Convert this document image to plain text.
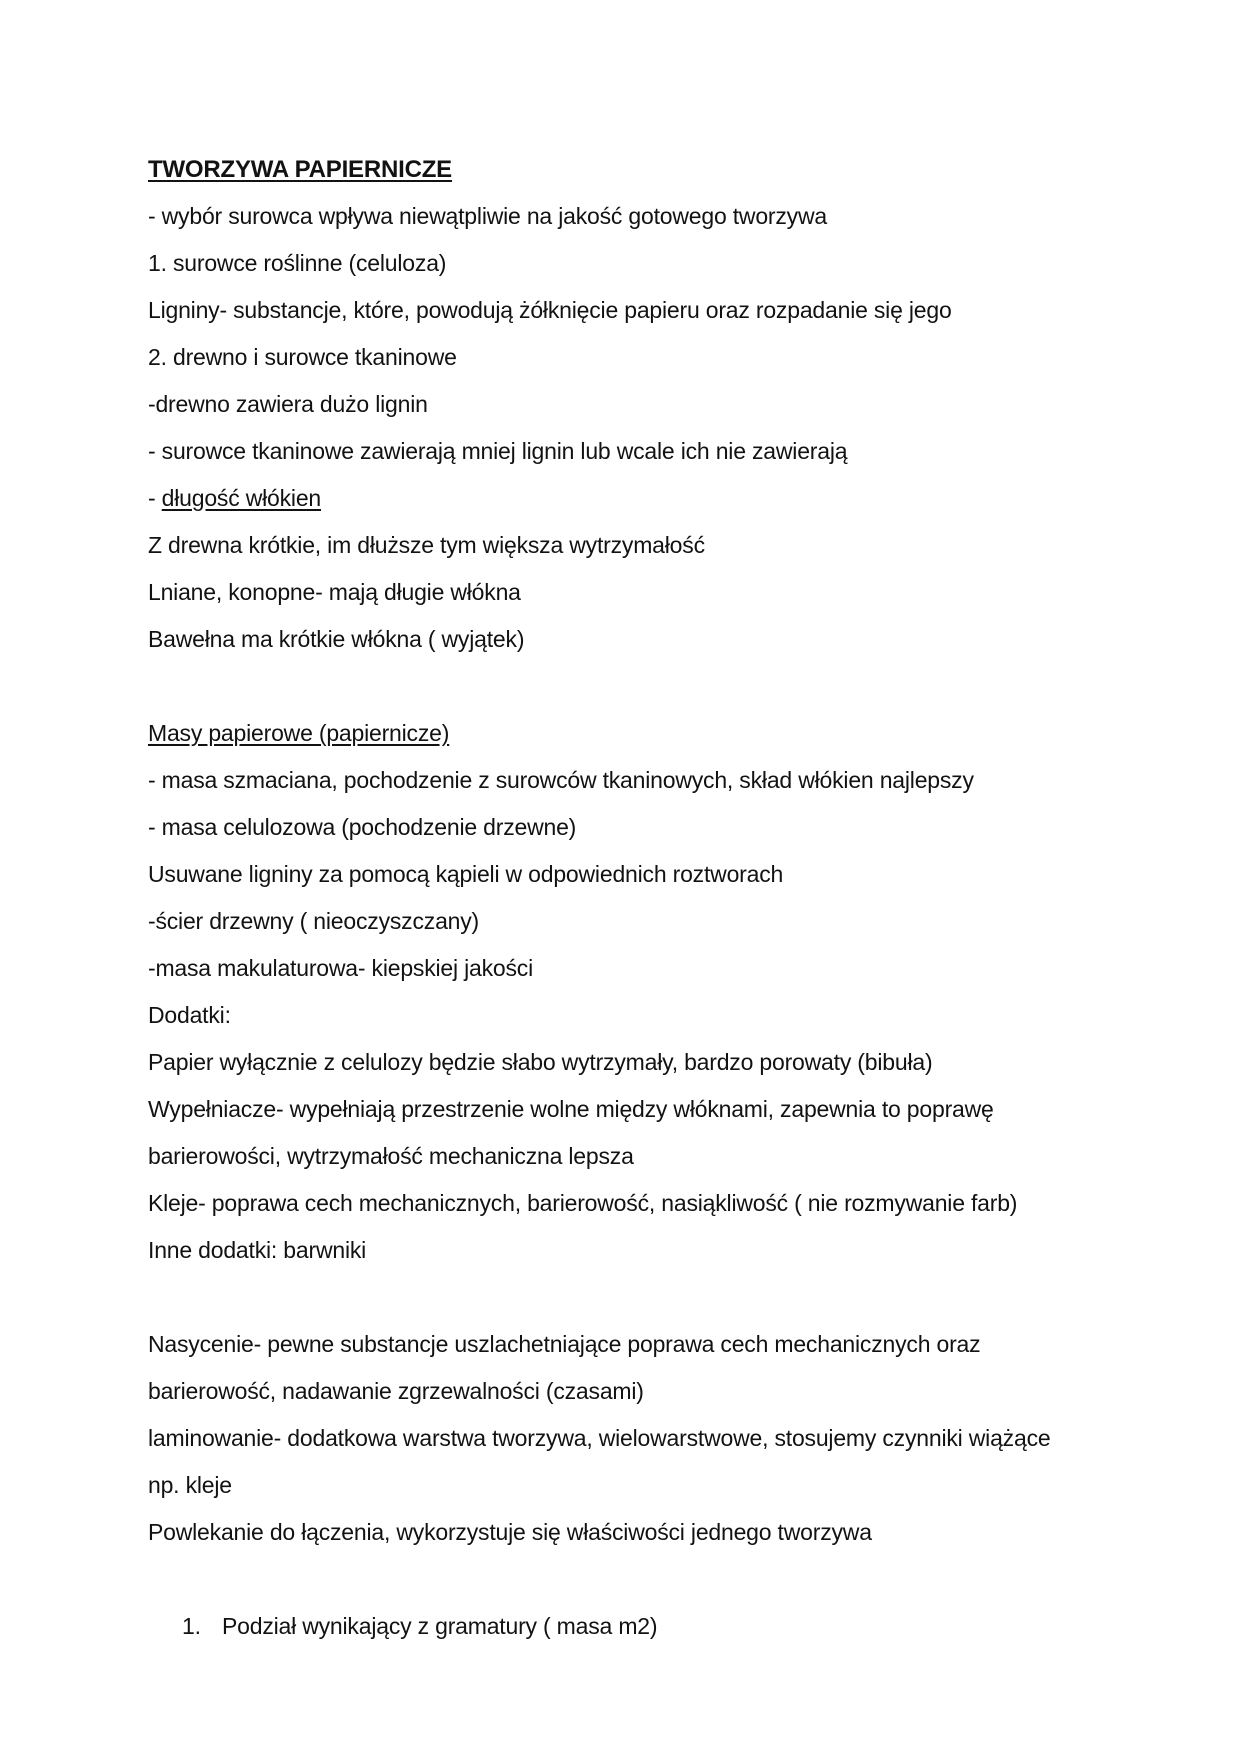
TWORZYWA PAPIERNICZE

- wybór surowca wpływa niewątpliwie na jakość gotowego tworzywa

1. surowce roślinne (celuloza)

Ligniny- substancje, które, powodują żółknięcie papieru oraz rozpadanie się jego

2. drewno i surowce tkaninowe

-drewno zawiera dużo lignin

- surowce tkaninowe zawierają mniej lignin lub wcale ich nie zawierają

- długość włókien

Z drewna krótkie, im dłuższe tym większa wytrzymałość

Lniane, konopne- mają długie włókna

Bawełna ma krótkie włókna ( wyjątek)

Masy papierowe (papiernicze)

- masa szmaciana, pochodzenie z surowców tkaninowych, skład włókien najlepszy

- masa celulozowa (pochodzenie drzewne)

Usuwane ligniny za pomocą kąpieli w odpowiednich roztworach

-ścier drzewny ( nieoczyszczany)

-masa makulaturowa- kiepskiej jakości

Dodatki:

Papier wyłącznie z celulozy będzie słabo wytrzymały, bardzo porowaty (bibuła)

Wypełniacze- wypełniają przestrzenie wolne między włóknami, zapewnia to poprawę

barierowości, wytrzymałość mechaniczna lepsza

Kleje- poprawa cech mechanicznych, barierowość, nasiąkliwość ( nie rozmywanie farb)

Inne dodatki: barwniki

Nasycenie- pewne substancje uszlachetniające poprawa cech mechanicznych oraz

barierowość, nadawanie zgrzewalności (czasami)

laminowanie- dodatkowa warstwa tworzywa, wielowarstwowe, stosujemy czynniki wiążące

np. kleje

Powlekanie do łączenia, wykorzystuje się właściwości jednego tworzywa

1. Podział wynikający z gramatury ( masa m2)
